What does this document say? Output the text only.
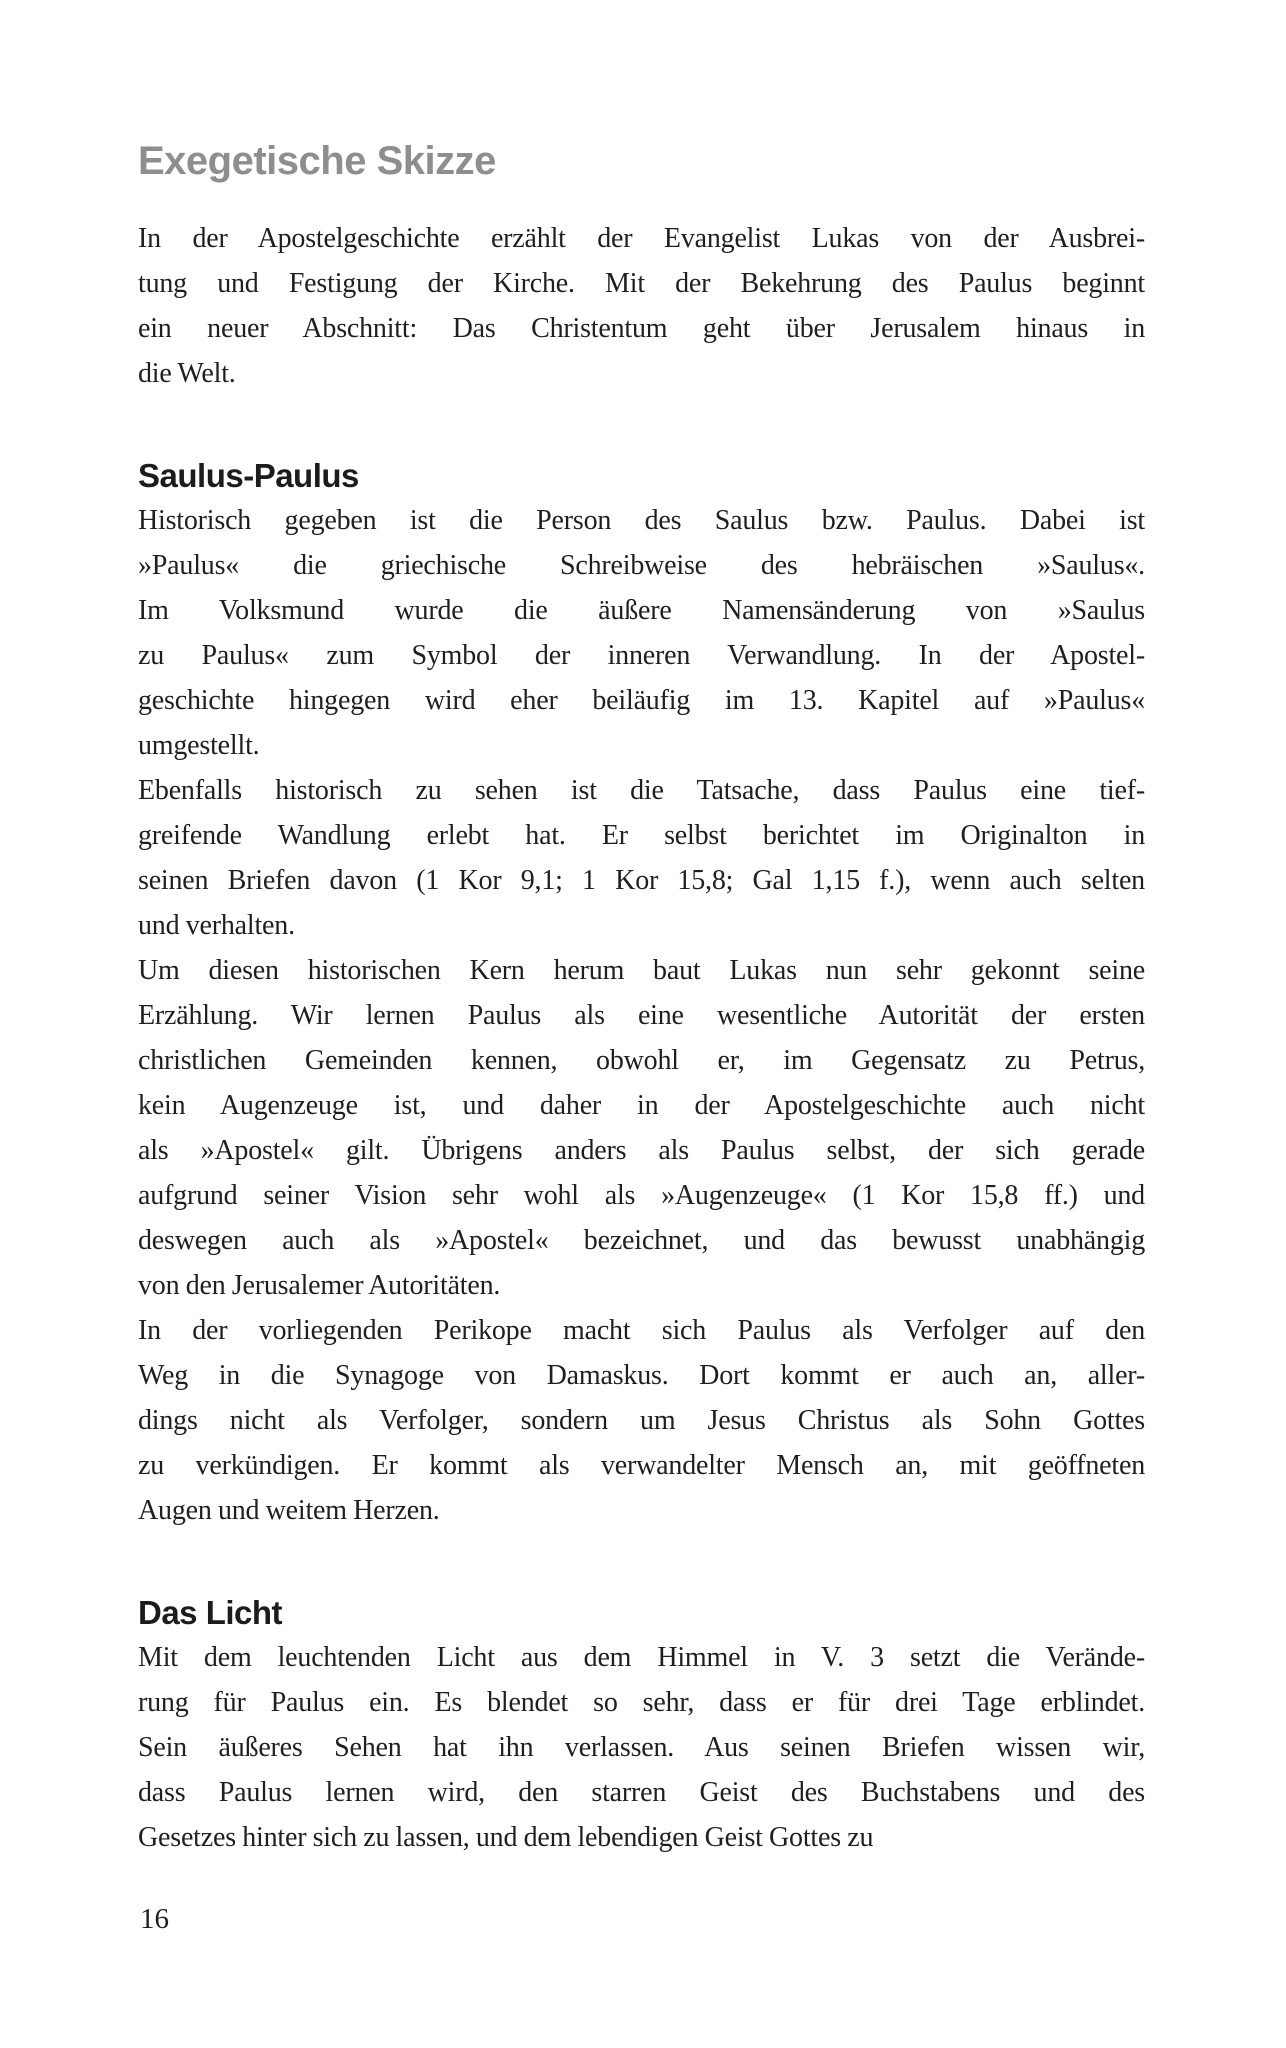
Exegetische Skizze
In der Apostelgeschichte erzählt der Evangelist Lukas von der Ausbrei-
tung und Festigung der Kirche. Mit der Bekehrung des Paulus beginnt
ein neuer Abschnitt: Das Christentum geht über Jerusalem hinaus in
die Welt.
Saulus-Paulus
Historisch gegeben ist die Person des Saulus bzw. Paulus. Dabei ist
»Paulus« die griechische Schreibweise des hebräischen »Saulus«.
Im Volksmund wurde die äußere Namensänderung von »Saulus
zu Paulus« zum Symbol der inneren Verwandlung. In der Apostel-
geschichte hingegen wird eher beiläufig im 13. Kapitel auf »Paulus«
umgestellt.
Ebenfalls historisch zu sehen ist die Tatsache, dass Paulus eine tief-
greifende Wandlung erlebt hat. Er selbst berichtet im Originalton in
seinen Briefen davon (1 Kor 9,1; 1 Kor 15,8; Gal 1,15 f.), wenn auch selten
und verhalten.
Um diesen historischen Kern herum baut Lukas nun sehr gekonnt seine
Erzählung. Wir lernen Paulus als eine wesentliche Autorität der ersten
christlichen Gemeinden kennen, obwohl er, im Gegensatz zu Petrus,
kein Augenzeuge ist, und daher in der Apostelgeschichte auch nicht
als »Apostel« gilt. Übrigens anders als Paulus selbst, der sich gerade
aufgrund seiner Vision sehr wohl als »Augenzeuge« (1 Kor 15,8 ff.) und
deswegen auch als »Apostel« bezeichnet, und das bewusst unabhängig
von den Jerusalemer Autoritäten.
In der vorliegenden Perikope macht sich Paulus als Verfolger auf den
Weg in die Synagoge von Damaskus. Dort kommt er auch an, aller-
dings nicht als Verfolger, sondern um Jesus Christus als Sohn Gottes
zu verkündigen. Er kommt als verwandelter Mensch an, mit geöffneten
Augen und weitem Herzen.
Das Licht
Mit dem leuchtenden Licht aus dem Himmel in V. 3 setzt die Verände-
rung für Paulus ein. Es blendet so sehr, dass er für drei Tage erblindet.
Sein äußeres Sehen hat ihn verlassen. Aus seinen Briefen wissen wir,
dass Paulus lernen wird, den starren Geist des Buchstabens und des
Gesetzes hinter sich zu lassen, und dem lebendigen Geist Gottes zu
16
